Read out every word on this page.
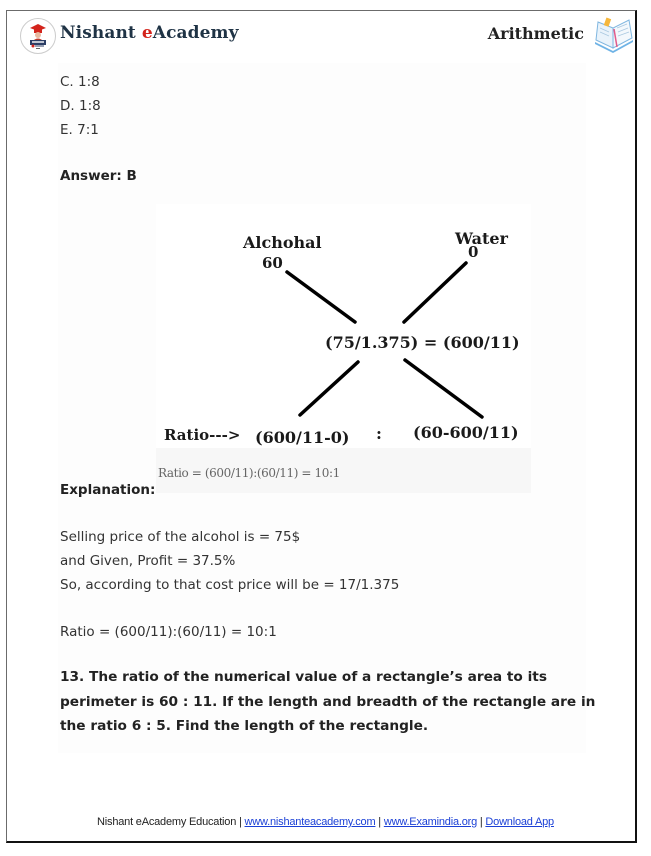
Nishant eAcademy	Arithmetic
C. 1:8
D. 1:8
E. 7:1
Answer: B
Alchohal
60
Water
0
(75/1.375) = (600/11)
Ratio---> (600/11-0) : (60-600/11)
Ratio = (600/11):(60/11) = 10:1
Explanation:
Selling price of the alcohol is = 75$
and Given, Profit = 37.5%
So, according to that cost price will be = 17/1.375
Ratio = (600/11):(60/11) = 10:1
13. The ratio of the numerical value of a rectangle’s area to its perimeter is 60 : 11. If the length and breadth of the rectangle are in the ratio 6 : 5. Find the length of the rectangle.
Nishant eAcademy Education | www.nishanteacademy.com | www.Examindia.org | Download App
